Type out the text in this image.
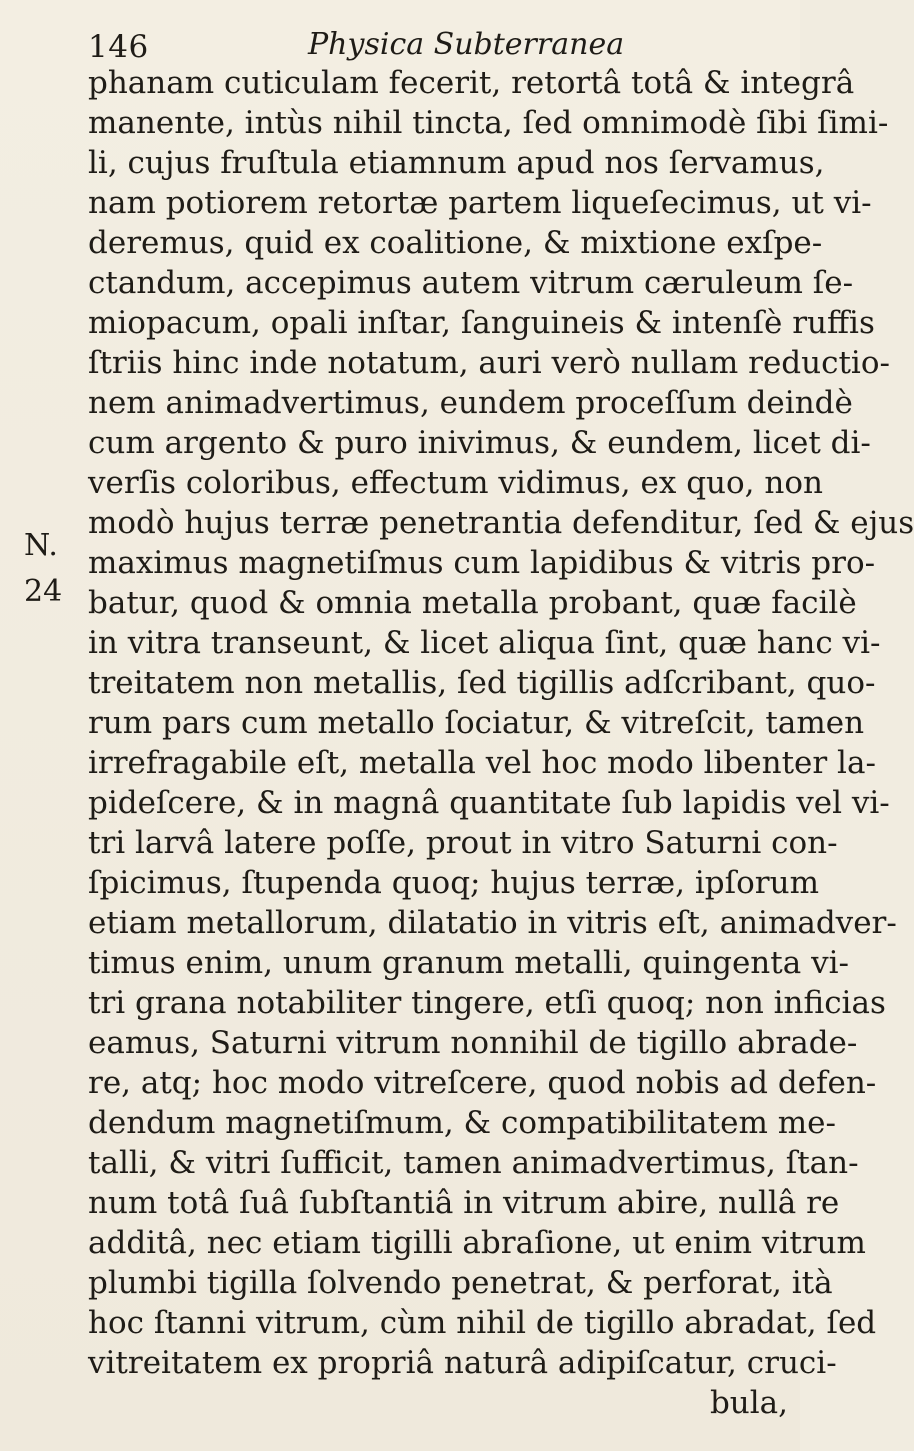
146	Physica Subterranea
N.
24
phanam cuticulam fecerit, retortâ totâ & integrâ
manente, intùs nihil tincta, ſed omnimodè ſibi ſimi-
li, cujus fruſtula etiamnum apud nos ſervamus,
nam potiorem retortæ partem liqueſecimus, ut vi-
deremus, quid ex coalitione, & mixtione exſpe-
ctandum, accepimus autem vitrum cæruleum ſe-
miopacum, opali inſtar, ſanguineis & intenſè ruffis
ſtriis hinc inde notatum, auri verò nullam reductio-
nem animadvertimus, eundem proceſſum deindè
cum argento & puro inivimus, & eundem, licet di-
verſis coloribus, effectum vidimus, ex quo, non
modò hujus terræ penetrantia defenditur, ſed & ejus
maximus magnetiſmus cum lapidibus & vitris pro-
batur, quod & omnia metalla probant, quæ facilè
in vitra transeunt, & licet aliqua ſint, quæ hanc vi-
treitatem non metallis, ſed tigillis adſcribant, quo-
rum pars cum metallo ſociatur, & vitreſcit, tamen
irrefragabile eſt, metalla vel hoc modo libenter la-
pideſcere, & in magnâ quantitate ſub lapidis vel vi-
tri larvâ latere poſſe, prout in vitro Saturni con-
ſpicimus, ſtupenda quoq; hujus terræ, ipſorum
etiam metallorum, dilatatio in vitris eſt, animadver-
timus enim, unum granum metalli, quingenta vi-
tri grana notabiliter tingere, etſi quoq; non inficias
eamus, Saturni vitrum nonnihil de tigillo abrade-
re, atq; hoc modo vitreſcere, quod nobis ad defen-
dendum magnetiſmum, & compatibilitatem me-
talli, & vitri ſufficit, tamen animadvertimus, ſtan-
num totâ ſuâ ſubſtantiâ in vitrum abire, nullâ re
additâ, nec etiam tigilli abraſione, ut enim vitrum
plumbi tigilla ſolvendo penetrat, & perforat, ità
hoc ſtanni vitrum, cùm nihil de tigillo abradat, ſed
vitreitatem ex propriâ naturâ adipiſcatur, cruci-
bula,
